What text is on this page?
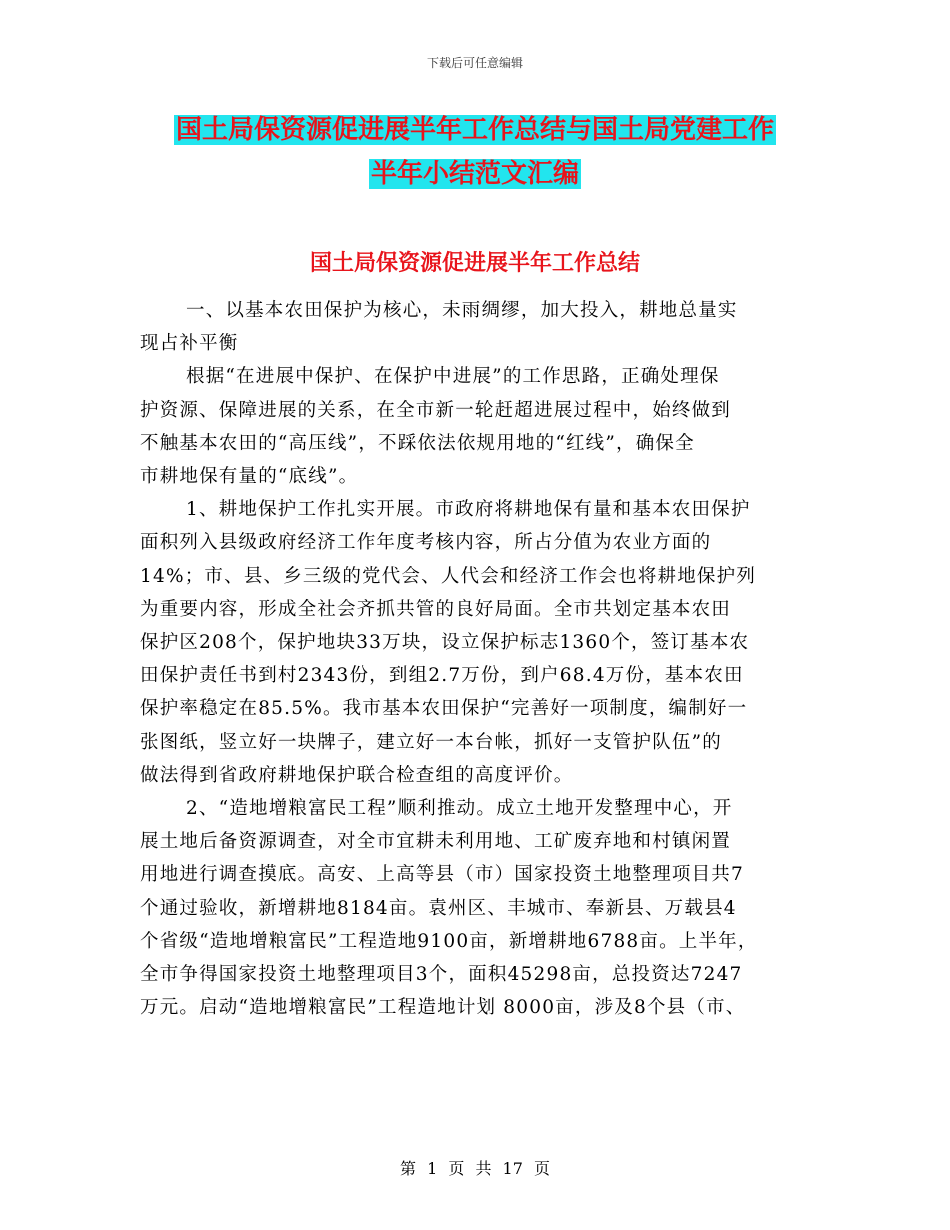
下载后可任意编辑
国土局保资源促进展半年工作总结与国土局党建工作
半年小结范文汇编
国土局保资源促进展半年工作总结

一、以基本农田保护为核心，未雨绸缪，加大投入，耕地总量实
现占补平衡

根据“在进展中保护、在保护中进展”的工作思路，正确处理保
护资源、保障进展的关系，在全市新一轮赶超进展过程中，始终做到
不触基本农田的“高压线”，不踩依法依规用地的“红线”，确保全
市耕地保有量的“底线”。

1、耕地保护工作扎实开展。市政府将耕地保有量和基本农田保护
面积列入县级政府经济工作年度考核内容，所占分值为农业方面的
14%；市、县、乡三级的党代会、人代会和经济工作会也将耕地保护列
为重要内容，形成全社会齐抓共管的良好局面。全市共划定基本农田
保护区208个，保护地块33万块，设立保护标志1360个，签订基本农
田保护责任书到村2343份，到组2.7万份，到户68.4万份，基本农田
保护率稳定在85.5%。我市基本农田保护“完善好一项制度，编制好一
张图纸，竖立好一块牌子，建立好一本台帐，抓好一支管护队伍”的
做法得到省政府耕地保护联合检查组的高度评价。

2、“造地增粮富民工程”顺利推动。成立土地开发整理中心，开
展土地后备资源调查，对全市宜耕未利用地、工矿废弃地和村镇闲置
用地进行调查摸底。高安、上高等县（市）国家投资土地整理项目共7
个通过验收，新增耕地8184亩。袁州区、丰城市、奉新县、万载县4
个省级“造地增粮富民”工程造地9100亩，新增耕地6788亩。上半年，
全市争得国家投资土地整理项目3个，面积45298亩，总投资达7247
万元。启动“造地增粮富民”工程造地计划 8000亩，涉及8个县（市、

第 1 页 共 17 页
